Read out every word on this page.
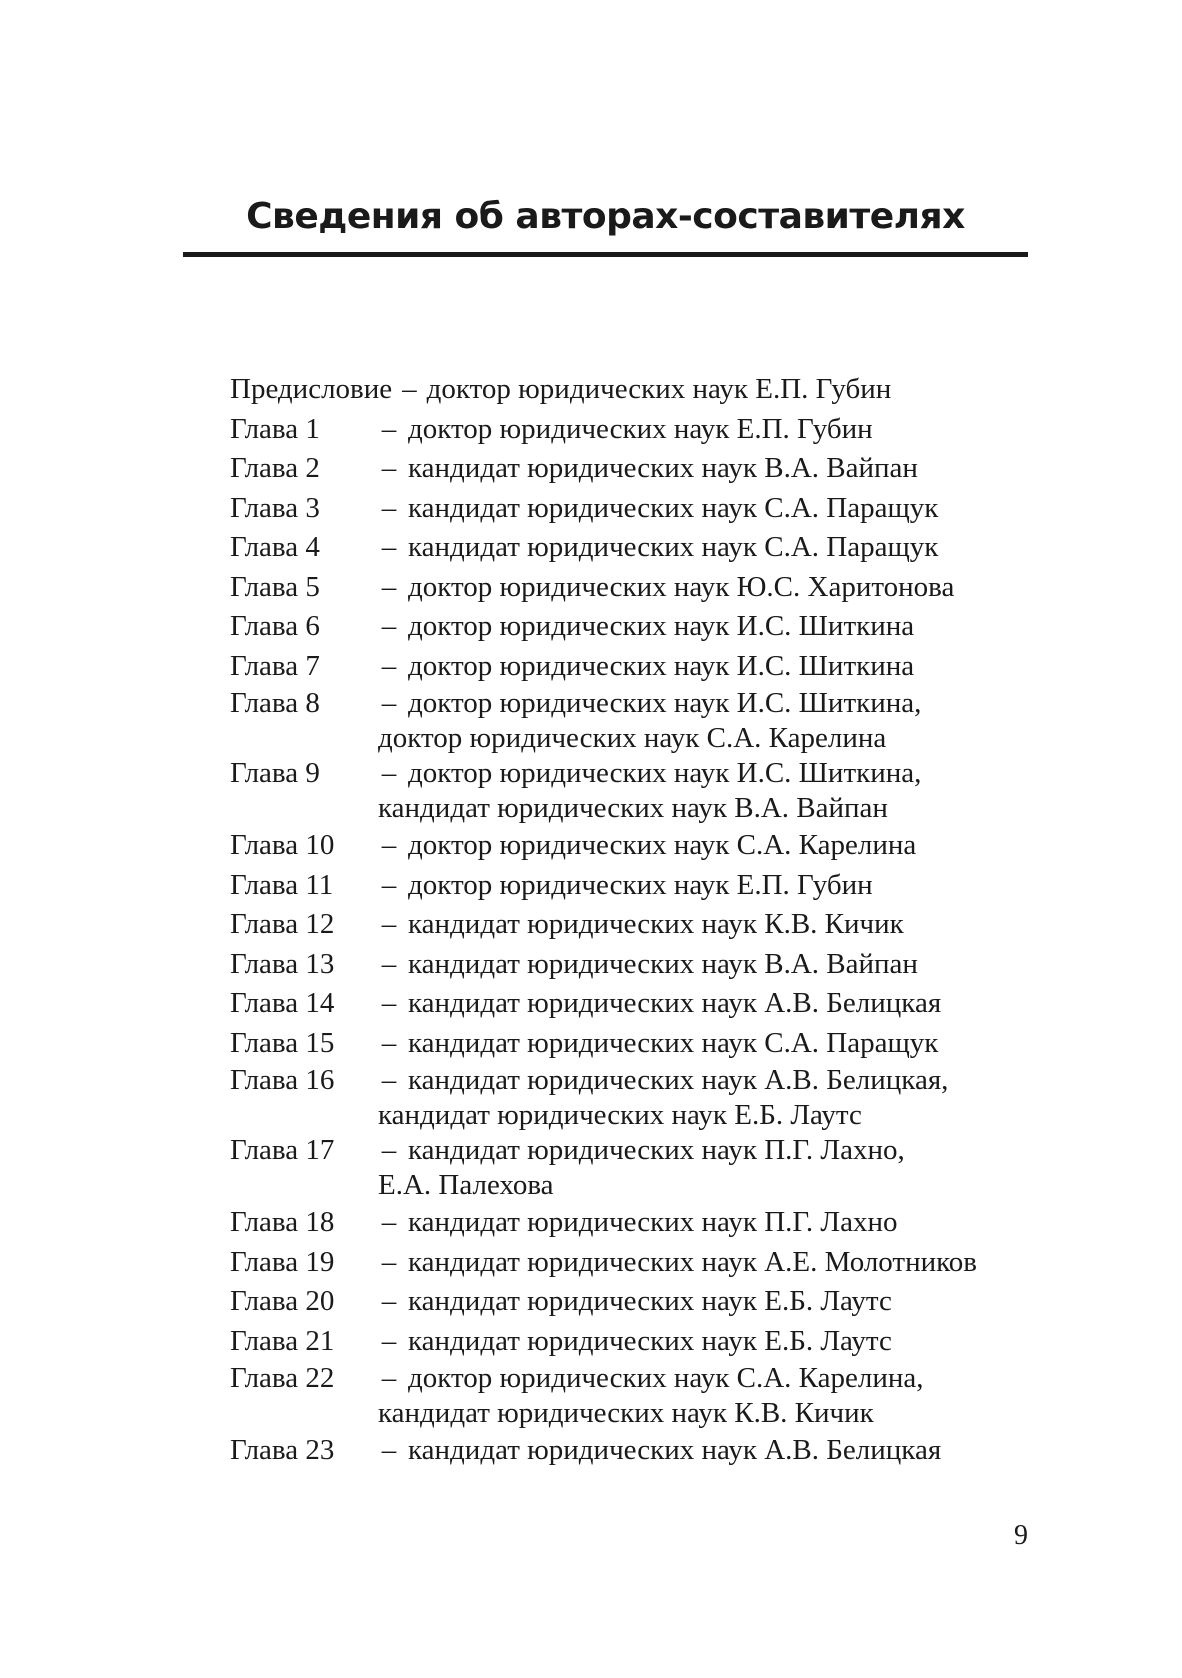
Сведения об авторах-составителях
Предисловие – доктор юридических наук Е.П. Губин
Глава 1 – доктор юридических наук Е.П. Губин
Глава 2 – кандидат юридических наук В.А. Вайпан
Глава 3 – кандидат юридических наук С.А. Паращук
Глава 4 – кандидат юридических наук С.А. Паращук
Глава 5 – доктор юридических наук Ю.С. Харитонова
Глава 6 – доктор юридических наук И.С. Шиткина
Глава 7 – доктор юридических наук И.С. Шиткина
Глава 8 – доктор юридических наук И.С. Шиткина,
доктор юридических наук С.А. Карелина
Глава 9 – доктор юридических наук И.С. Шиткина,
кандидат юридических наук В.А. Вайпан
Глава 10 – доктор юридических наук С.А. Карелина
Глава 11 – доктор юридических наук Е.П. Губин
Глава 12 – кандидат юридических наук К.В. Кичик
Глава 13 – кандидат юридических наук В.А. Вайпан
Глава 14 – кандидат юридических наук А.В. Белицкая
Глава 15 – кандидат юридических наук С.А. Паращук
Глава 16 – кандидат юридических наук А.В. Белицкая,
кандидат юридических наук Е.Б. Лаутс
Глава 17 – кандидат юридических наук П.Г. Лахно,
Е.А. Палехова
Глава 18 – кандидат юридических наук П.Г. Лахно
Глава 19 – кандидат юридических наук А.Е. Молотников
Глава 20 – кандидат юридических наук Е.Б. Лаутс
Глава 21 – кандидат юридических наук Е.Б. Лаутс
Глава 22 – доктор юридических наук С.А. Карелина,
кандидат юридических наук К.В. Кичик
Глава 23 – кандидат юридических наук А.В. Белицкая
9
